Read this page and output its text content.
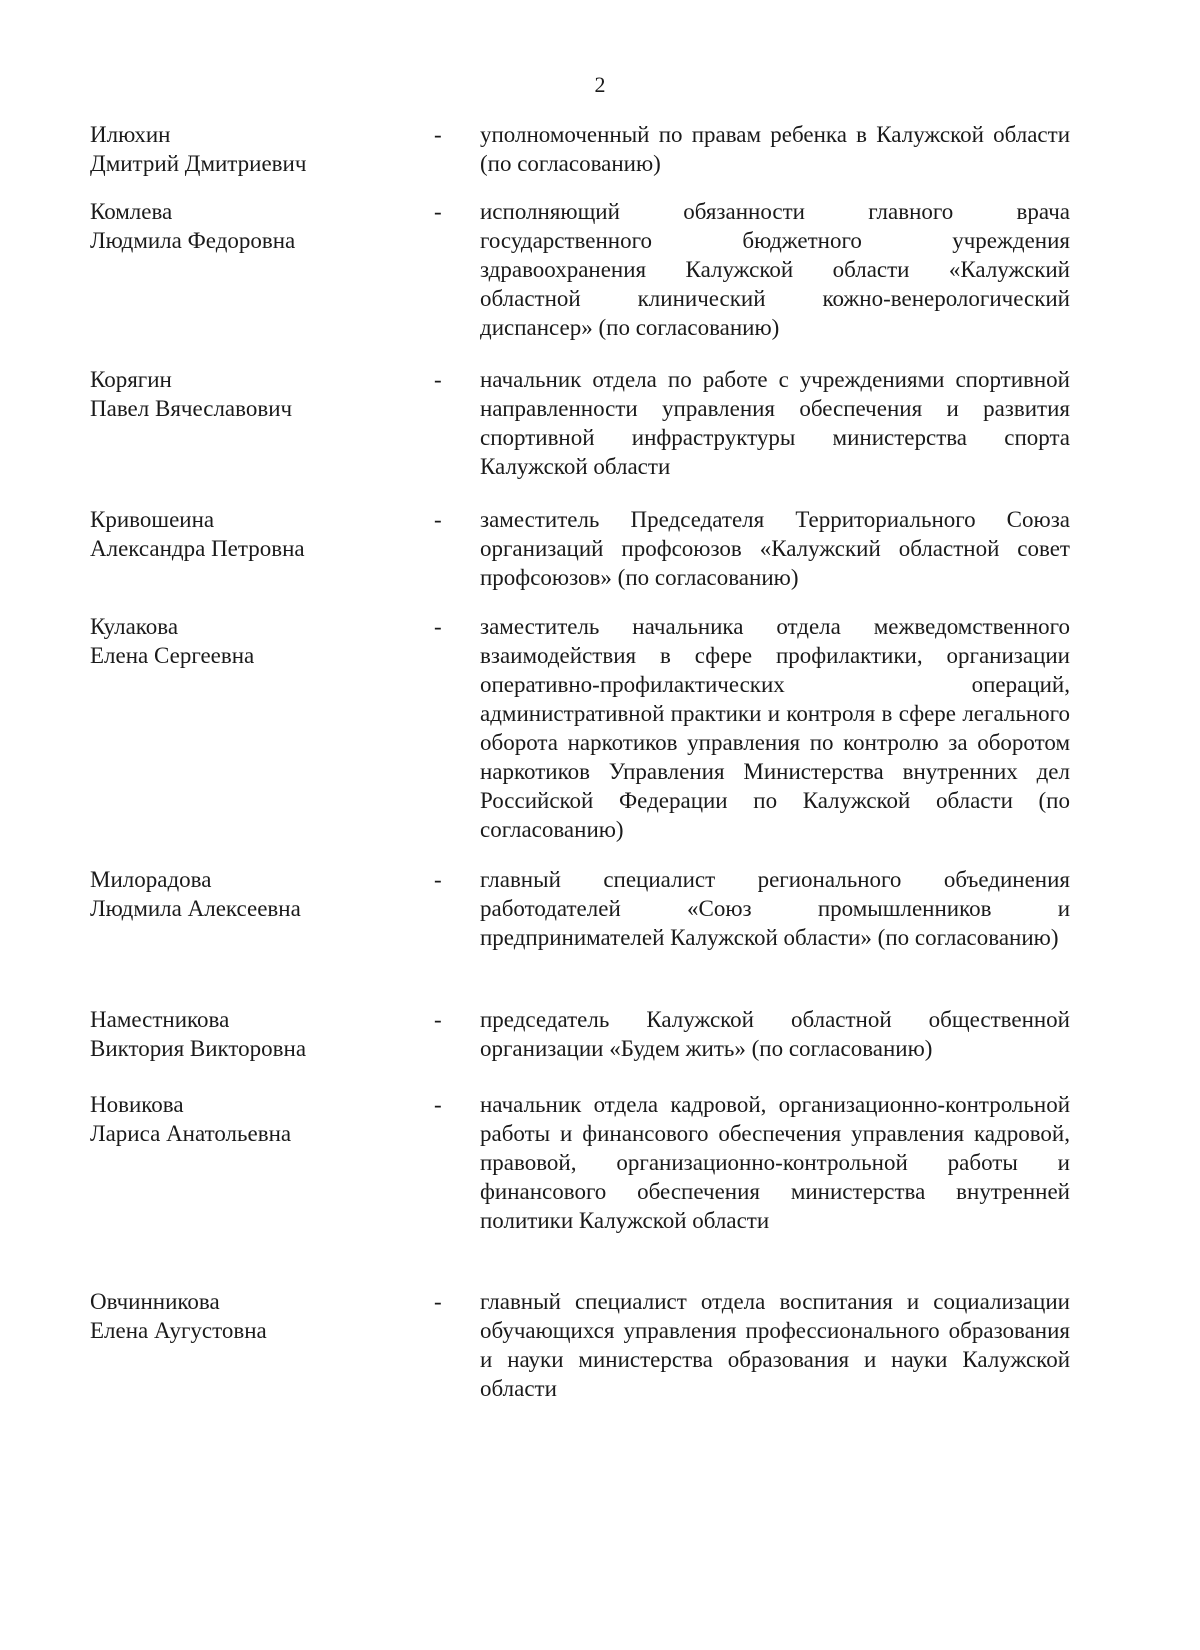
2
Илюхин
Дмитрий Дмитриевич
-	уполномоченный по правам ребенка в Калужской области (по согласованию)
Комлева
Людмила Федоровна
-	исполняющий обязанности главного врача государственного бюджетного учреждения здравоохранения Калужской области «Калужский областной клинический кожно-венерологический диспансер» (по согласованию)
Корягин
Павел Вячеславович
-	начальник отдела по работе с учреждениями спортивной направленности управления обеспечения и развития спортивной инфраструктуры министерства спорта Калужской области
Кривошеина
Александра Петровна
-	заместитель Председателя Территориального Союза организаций профсоюзов «Калужский областной совет профсоюзов» (по согласованию)
Кулакова
Елена Сергеевна
-	заместитель начальника отдела межведомственного взаимодействия в сфере профилактики, организации оперативно-профилактических операций, административной практики и контроля в сфере легального оборота наркотиков управления по контролю за оборотом наркотиков Управления Министерства внутренних дел Российской Федерации по Калужской области (по согласованию)
Милорадова
Людмила Алексеевна
-	главный специалист регионального объединения работодателей «Союз промышленников и предпринимателей Калужской области» (по согласованию)
Наместникова
Виктория Викторовна
-	председатель Калужской областной общественной организации «Будем жить» (по согласованию)
Новикова
Лариса Анатольевна
-	начальник отдела кадровой, организационно-контрольной работы и финансового обеспечения управления кадровой, правовой, организационно-контрольной работы и финансового обеспечения министерства внутренней политики Калужской области
Овчинникова
Елена Аугустовна
-	главный специалист отдела воспитания и социализации обучающихся управления профессионального образования и науки министерства образования и науки Калужской области
